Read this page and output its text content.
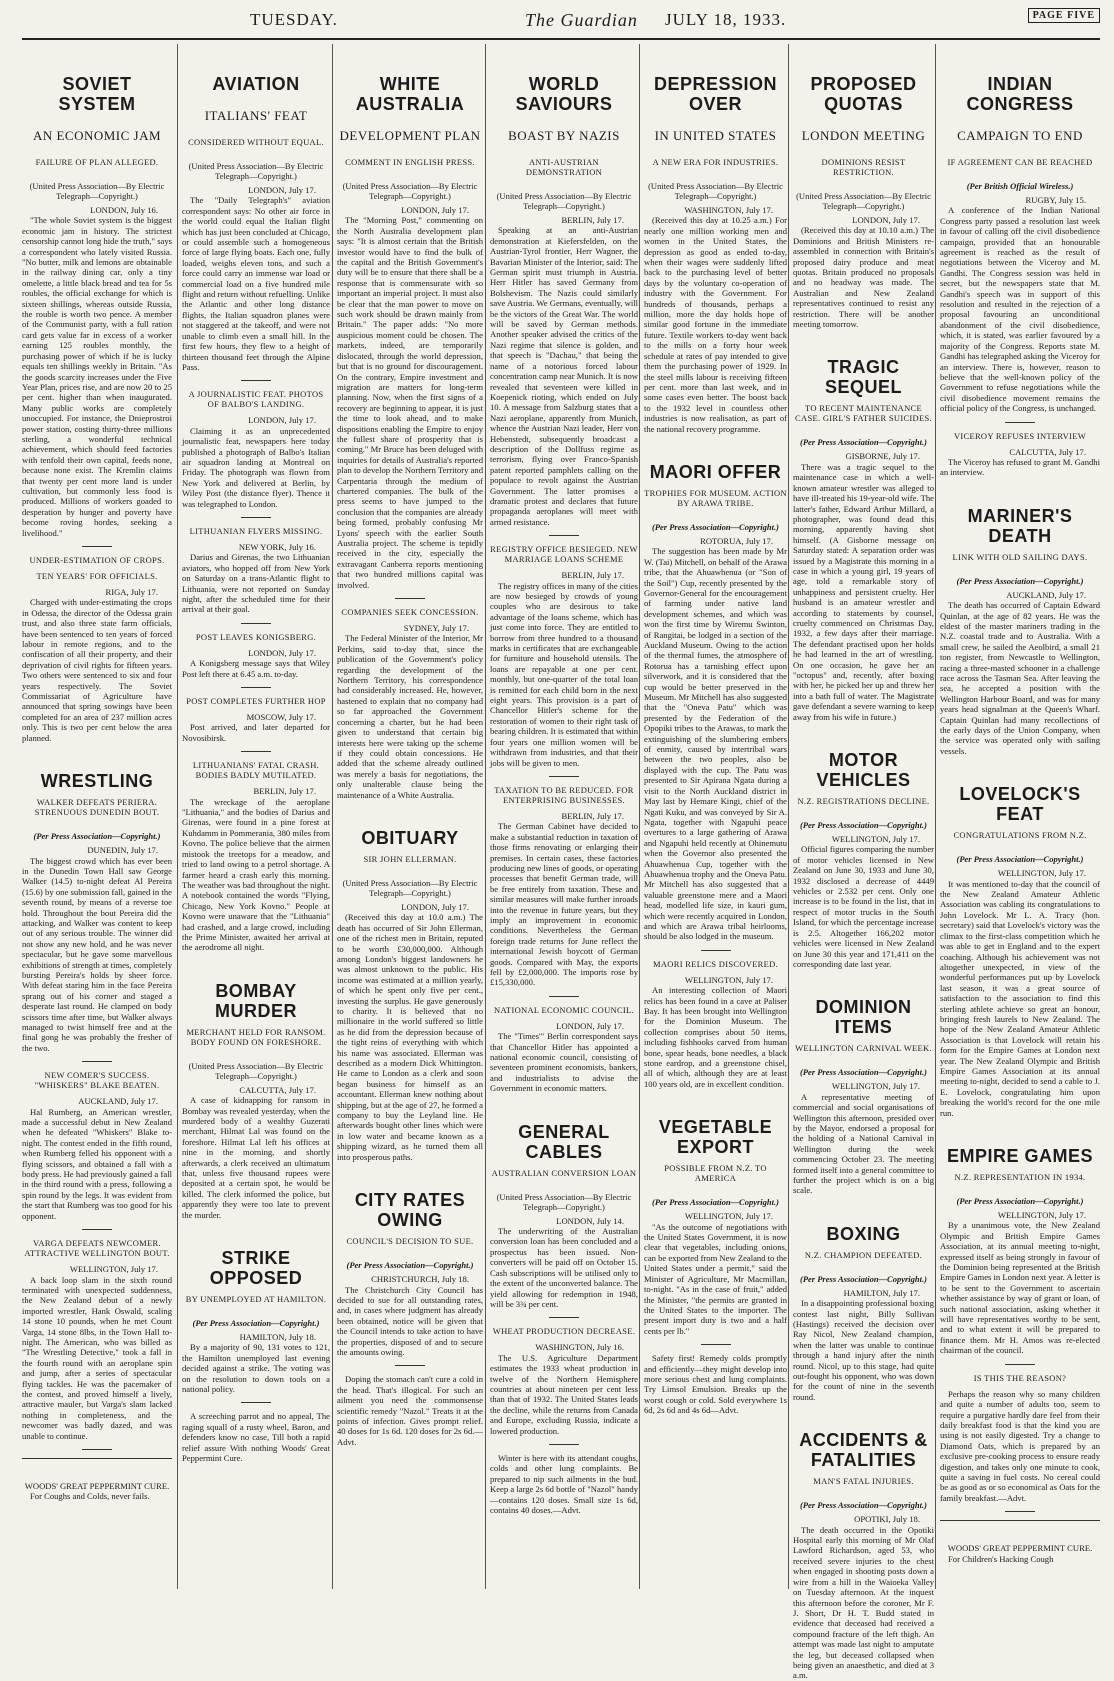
TUESDAY.	The Guardian JULY 18, 1933.	PAGE FIVE
SOVIET SYSTEM
AN ECONOMIC JAM
FAILURE OF PLAN ALLEGED.
(United Press Association—By Electric Telegraph—Copyright.)
LONDON, July 16.

"The whole Soviet system is the biggest economic jam in history. The strictest censorship cannot long hide the truth," says a correspondent who lately visited Russia. "No butter, milk and lemons are obtainable in the railway dining car, only a tiny omelette, a little black bread and tea for 5s roubles, the official exchange for which is sixteen shillings, whereas outside Russia, the rouble is worth two pence. A member of the Communist party, with a full ration card gets value far in excess of a worker earning 125 roubles monthly, the purchasing power of which if he is lucky equals ten shillings weekly in Britain. "As the goods scarcity increases under the Five Year Plan, prices rise, and are now 20 to 25 per cent. higher than when inaugurated. Many public works are completely unoccupied. For instance, the Dnieprostroi power station, costing thirty-three millions sterling, a wonderful technical achievement, which should feed factories with tenfold their own capital, feeds none, because none exist. The Kremlin claims that twenty per cent more land is under cultivation, but commonly less food is produced. Millions of workers goaded to desperation by hunger and poverty have become roving hordes, seeking a livelihood."

UNDER-ESTIMATION OF CROPS.
TEN YEARS' FOR OFFICIALS.
RIGA, July 17.

Charged with under-estimating the crops in Odessa, the director of the Odessa grain trust, and also three state farm officials, have been sentenced to ten years of forced labour in remote regions, and to the confiscation of all their property, and their deprivation of civil rights for fifteen years. Two others were sentenced to six and four years respectively. The Soviet Commissariat of Agriculture have announced that spring sowings have been completed for an area of 237 million acres only. This is two per cent below the area planned.

WRESTLING
WALKER DEFEATS PERIERA. STRENUOUS DUNEDIN BOUT.
(Per Press Association—Copyright.)
DUNEDIN, July 17.

The biggest crowd which has ever been in the Dunedin Town Hall saw George Walker (14.5) to-night defeat Al Pereira (15.6) by one submission fall, gained in the seventh round, by means of a reverse toe hold. Throughout the bout Pereira did the attacking, and Walker was content to keep out of any serious trouble. The winner did not show any new hold, and he was never spectacular, but he gave some marvellous exhibitions of strength at times, completely bursting Pereira's holds by sheer force. With defeat staring him in the face Pereira sprang out of his corner and staged a desperate last round. He clamped on body scissors time after time, but Walker always managed to twist himself free and at the final gong he was probably the fresher of the two.

NEW COMER'S SUCCESS. "WHISKERS" BLAKE BEATEN.
AUCKLAND, July 17.

Hal Rumberg, an American wrestler, made a successful debut in New Zealand when he defeated "Whiskers" Blake to-night. The contest ended in the fifth round, when Rumberg felled his opponent with a flying scissors, and obtained a fall with a body press. He had previously gained a fall in the third round with a press, following a spin round by the legs. It was evident from the start that Rumberg was too good for his opponent.

VARGA DEFEATS NEWCOMER. ATTRACTIVE WELLINGTON BOUT.
WELLINGTON, July 17.

A back loop slam in the sixth round terminated with unexpected suddenness, the New Zealand debut of a newly imported wrestler, Hank Oswald, scaling 14 stone 10 pounds, when he met Count Varga, 14 stone 8lbs, in the Town Hall to-night. The American, who was billed as "The Wrestling Detective," took a fall in the fourth round with an aeroplane spin and jump, after a series of spectacular flying tackles. He was the pacemaker of the contest, and proved himself a lively, attractive mauler, but Varga's slam lacked nothing in completeness, and the newcomer was badly dazed, and was unable to continue.

WOODS' GREAT PEPPERMINT CURE.

For Coughs and Colds, never fails.

AVIATION
ITALIANS' FEAT
CONSIDERED WITHOUT EQUAL.
(United Press Association—By Electric Telegraph—Copyright.)
LONDON, July 17.

The "Daily Telegraph's" aviation correspondent says: No other air force in the world could equal the Italian flight which has just been concluded at Chicago, or could assemble such a homogeneous force of large flying boats. Each one, fully loaded, weighs eleven tons, and such a force could carry an immense war load or commercial load on a five hundred mile flight and return without refuelling. Unlike the Atlantic and other long distance flights, the Italian squadron planes were not staggered at the takeoff, and were not unable to climb even a small hill. In the first few hours, they flew to a height of thirteen thousand feet through the Alpine Pass.

A JOURNALISTIC FEAT. PHOTOS OF BALBO'S LANDING.
LONDON, July 17.

Claiming it as an unprecedented journalistic feat, newspapers here today published a photograph of Balbo's Italian air squadron landing at Montreal on Friday. The photograph was flown from New York and delivered at Berlin, by Wiley Post (the distance flyer). Thence it was telegraphed to London.

LITHUANIAN FLYERS MISSING.
NEW YORK, July 16.

Darius and Girenas, the two Lithuanian aviators, who hopped off from New York on Saturday on a trans-Atlantic flight to Lithuania, were not reported on Sunday night, after the scheduled time for their arrival at their goal.

POST LEAVES KONIGSBERG.
LONDON, July 17.

A Konigsberg message says that Wiley Post left there at 6.45 a.m. to-day.

POST COMPLETES FURTHER HOP
MOSCOW, July 17.

Post arrived, and later departed for Novosibirsk.

LITHUANIANS' FATAL CRASH. BODIES BADLY MUTILATED.
BERLIN, July 17.

The wreckage of the aeroplane "Lithuania," and the bodies of Darius and Girenas, were found in a pine forest at Kuhdamm in Pommerania, 380 miles from Kovno. The police believe that the airmen mistook the treetops for a meadow, and tried to land owing to a petrol shortage. A farmer heard a crash early this morning. The weather was bad throughout the night. A notebook contained the words "Flying, Chicago, New York Kovno." People at Kovno were unaware that the "Lithuania" had crashed, and a large crowd, including the Prime Minister, awaited her arrival at the aerodrome all night.

BOMBAY MURDER
MERCHANT HELD FOR RANSOM. BODY FOUND ON FORESHORE.
(United Press Association—By Electric Telegraph—Copyright.)
CALCUTTA, July 17.

A case of kidnapping for ransom in Bombay was revealed yesterday, when the murdered body of a wealthy Guzerati merchant, Hilmat Lal was found on the foreshore. Hilmat Lal left his offices at nine in the morning, and shortly afterwards, a clerk received an ultimatum that, unless five thousand rupees were deposited at a certain spot, he would be killed. The clerk informed the police, but apparently they were too late to prevent the murder.

STRIKE OPPOSED
BY UNEMPLOYED AT HAMILTON.
(Per Press Association—Copyright.)
HAMILTON, July 18.

By a majority of 90, 131 votes to 121, the Hamilton unemployed last evening decided against a strike. The voting was on the resolution to down tools on a national policy.

A screeching parrot and no appeal, The raging squall of a rusty wheel, Baron, and defenders know no case, Till both a rapid relief assure With nothing Woods' Great Peppermint Cure.

WHITE AUSTRALIA
DEVELOPMENT PLAN
COMMENT IN ENGLISH PRESS.
(United Press Association—By Electric Telegraph—Copyright.)
LONDON, July 17.

The "Morning Post," commenting on the North Australia development plan says: "It is almost certain that the British investor would have to find the bulk of the capital and the British Government's duty will be to ensure that there shall be a response that is commensurate with so important an imperial project. It must also be clear that the man power to move on such work should be drawn mainly from Britain." The paper adds: "No more auspicious moment could be chosen. The markets, indeed, are temporarily dislocated, through the world depression, but that is no ground for discouragement. On the contrary, Empire investment and migration are matters for long-term planning. Now, when the first signs of a recovery are beginning to appear, it is just the time to look ahead, and to make dispositions enabling the Empire to enjoy the fullest share of prosperity that is coming." Mr Bruce has been deluged with inquiries for details of Australia's reported plan to develop the Northern Territory and Carpentaria through the medium of chartered companies. The bulk of the press seems to have jumped to the conclusion that the companies are already being formed, probably confusing Mr Lyons' speech with the earlier South Australia project. The scheme is tepidly received in the city, especially the extravagant Canberra reports mentioning that two hundred millions capital was involved.

COMPANIES SEEK CONCESSION.
SYDNEY, July 17.

The Federal Minister of the Interior, Mr Perkins, said to-day that, since the publication of the Government's policy regarding the development of the Northern Territory, his correspondence had considerably increased. He, however, hastened to explain that no company had so far approached the Government concerning a charter, but he had been given to understand that certain big interests here were taking up the scheme if they could obtain concessions. He added that the scheme already outlined was merely a basis for negotiations, the only unalterable clause being the maintenance of a White Australia.

OBITUARY
SIR JOHN ELLERMAN.
(United Press Association—By Electric Telegraph—Copyright.)
LONDON, July 17.

(Received this day at 10.0 a.m.) The death has occurred of Sir John Ellerman, one of the richest men in Britain, reputed to be worth £30,000,000. Although among London's biggest landowners he was almost unknown to the public. His income was estimated at a million yearly, of which he spent only five per cent., investing the surplus. He gave generously to charity. It is believed that no millionaire in the world suffered so little as he did from the depression because of the tight reins of everything with which his name was associated. Ellerman was described as a modern Dick Whittington. He came to London as a clerk and soon began business for himself as an accountant. Ellerman knew nothing about shipping, but at the age of 27, he formed a company to buy the Leyland line. He afterwards bought other lines which were in low water and became known as a shipping wizard, as he turned them all into prosperous paths.

CITY RATES OWING
COUNCIL'S DECISION TO SUE.
(Per Press Association—Copyright.)
CHRISTCHURCH, July 18.

The Christchurch City Council has decided to sue for all outstanding rates, and, in cases where judgment has already been obtained, notice will be given that the Council intends to take action to have the properties, disposed of and to secure the amounts owing.

Doping the stomach can't cure a cold in the head. That's illogical. For such an ailment you need the commonsense scientific remedy "Nazol." Treats it at the points of infection. Gives prompt relief. 40 doses for 1s 6d. 120 doses for 2s 6d.—Advt.

WORLD SAVIOURS
BOAST BY NAZIS
ANTI-AUSTRIAN DEMONSTRATION
(United Press Association—By Electric Telegraph—Copyright.)
BERLIN, July 17.

Speaking at an anti-Austrian demonstration at Kiefersfelden, on the Austrian-Tyrol frontier, Herr Wagner, the Bavarian Minister of the Interior, said: The German spirit must triumph in Austria. Herr Hitler has saved Germany from Bolshevism. The Nazis could similarly save Austria. We Germans, eventually, will be the victors of the Great War. The world will be saved by German methods. Another speaker advised the critics of the Nazi regime that silence is golden, and that speech is "Dachau," that being the name of a notorious forced labour concentration camp near Munich. It is now revealed that seventeen were killed in Koepenick rioting, which ended on July 10. A message from Salzburg states that a Nazi aeroplane, apparently from Munich, whence the Austrian Nazi leader, Herr von Hebenstedt, subsequently broadcast a description of the Dollfuss regime as terrorism, flying over Franco-Spanish patent reported pamphlets calling on the populace to revolt against the Austrian Government. The latter promises a dramatic protest and declares that future propaganda aeroplanes will meet with armed resistance.

REGISTRY OFFICE BESIEGED. NEW MARRIAGE LOANS SCHEME
BERLIN, July 17.

The registry offices in many of the cities are now besieged by crowds of young couples who are desirous to take advantage of the loans scheme, which has just come into force. They are entitled to borrow from three hundred to a thousand marks in certificates that are exchangeable for furniture and household utensils. The loans are repayable at one per cent. monthly, but one-quarter of the total loan is remitted for each child born in the next eight years. This provision is a part of Chancellor Hitler's scheme for the restoration of women to their right task of bearing children. It is estimated that within four years one million women will be withdrawn from industries, and that their jobs will be given to men.

TAXATION TO BE REDUCED. FOR ENTERPRISING BUSINESSES.
BERLIN, July 17.

The German Cabinet have decided to make a substantial reduction in taxation of those firms renovating or enlarging their premises. In certain cases, these factories producing new lines of goods, or operating processes that benefit German trade, will be free entirely from taxation. These and similar measures will make further inroads into the revenue in future years, but they imply an improvement in economic conditions. Nevertheless the German foreign trade returns for June reflect the international Jewish boycott of German goods. Compared with May, the exports fell by £2,000,000. The imports rose by £15,330,000.

NATIONAL ECONOMIC COUNCIL.
LONDON, July 17.

The "Times'" Berlin correspondent says that Chancellor Hitler has appointed a national economic council, consisting of seventeen prominent economists, bankers, and industrialists to advise the Government in economic matters.

GENERAL CABLES
AUSTRALIAN CONVERSION LOAN
(United Press Association—By Electric Telegraph—Copyright.)
LONDON, July 14.

The underwriting of the Australian conversion loan has been concluded and a prospectus has been issued. Non-converters will be paid off on October 15. Cash subscriptions will be utilised only to the extent of the unconverted balance. The yield allowing for redemption in 1948, will be 3¾ per cent.

WHEAT PRODUCTION DECREASE.
WASHINGTON, July 16.

The U.S. Agriculture Department estimates the 1933 wheat production in twelve of the Northern Hemisphere countries at about nineteen per cent less than that of 1932. The United States leads the decline, while the returns from Canada and Europe, excluding Russia, indicate a lowered production.

Winter is here with its attendant coughs, colds and other lung complaints. Be prepared to nip such ailments in the bud. Keep a large 2s 6d bottle of "Nazol" handy—contains 120 doses. Small size 1s 6d, contains 40 doses.—Advt.

DEPRESSION OVER
IN UNITED STATES
A NEW ERA FOR INDUSTRIES.
(United Press Association—By Electric Telegraph—Copyright.)
WASHINGTON, July 17.

(Received this day at 10.25 a.m.) For nearly one million working men and women in the United States, the depression as good as ended to-day, when their wages were suddenly lifted back to the purchasing level of better days by the voluntary co-operation of industry with the Government. For hundreds of thousands, perhaps a million, more the day holds hope of similar good fortune in the immediate future. Textile workers to-day went back to the mills on a forty hour week schedule at rates of pay intended to give them the purchasing power of 1929. In the steel mills labour is receiving fifteen per cent. more than last week, and in some cases even better. The boost back to the 1932 level in countless other industries is now realisation, as part of the national recovery programme.

MAORI OFFER
TROPHIES FOR MUSEUM. ACTION BY ARAWA TRIBE.
(Per Press Association—Copyright.)
ROTORUA, July 17.

The suggestion has been made by Mr W. (Tai) Mitchell, on behalf of the Arawa tribe, that the Ahuawhenua (or "Son of the Soil") Cup, recently presented by the Governor-General for the encouragement of farming under native land development schemes, and which was won the first time by Wiremu Swinton, of Rangitai, be lodged in a section of the Auckland Museum. Owing to the action of the thermal fumes, the atmosphere of Rotorua has a tarnishing effect upon silverwork, and it is considered that the cup would be better preserved in the Museum. Mr Mitchell has also suggested that the "Oneva Patu" which was presented by the Federation of the Opopiki tribes to the Arawas, to mark the extinguishing of the slumbering embers of enmity, caused by intertribal wars between the two peoples, also be displayed with the cup. The Patu was presented to Sir Apirana Ngata during a visit to the North Auckland district in May last by Hemare Kingi, chief of the Ngati Kuku, and was conveyed by Sir A. Ngata, together with Ngapuhi peace overtures to a large gathering of Arawa and Ngapuhi held recently at Ohinemutu when the Governor also presented the Ahuawhenua Cup, together with the Ahuawhenua trophy and the Oneva Patu. Mr Mitchell has also suggested that a valuable greenstone mere and a Maori head, modelled life size, in kauri gum, which were recently acquired in London, and which are Arawa tribal heirlooms, should be also lodged in the museum.

MAORI RELICS DISCOVERED.
WELLINGTON, July 17.

An interesting collection of Maori relics has been found in a cave at Paliser Bay. It has been brought into Wellington for the Dominion Museum. The collection comprises about 50 items, including fishhooks carved from human bone, spear heads, bone needles, a black stone eardrop, and a greenstone chisel, all of which, although they are at least 100 years old, are in excellent condition.

VEGETABLE EXPORT
POSSIBLE FROM N.Z. TO AMERICA
(Per Press Association—Copyright.)
WELLINGTON, July 17.

"As the outcome of negotiations with the United States Government, it is now clear that vegetables, including onions, can be exported from New Zealand to the United States under a permit," said the Minister of Agriculture, Mr Macmillan, to-night. "As in the case of fruit," added the Minister, "the permits are granted in the United States to the importer. The present import duty is two and a half cents per lb."

Safety first! Remedy colds promptly and efficiently—they might develop into more serious chest and lung complaints. Try Limsol Emulsion. Breaks up the worst cough or cold. Sold everywhere 1s 6d, 2s 6d and 4s 6d—Advt.

PROPOSED QUOTAS
LONDON MEETING
DOMINIONS RESIST RESTRICTION.
(United Press Association—By Electric Telegraph—Copyright.)
LONDON, July 17.

(Received this day at 10.10 a.m.) The Dominions and British Ministers re-assembled in connection with Britain's proposed dairy produce and meat quotas. Britain produced no proposals and no headway was made. The Australian and New Zealand representatives continued to resist any restriction. There will be another meeting tomorrow.

TRAGIC SEQUEL
TO RECENT MAINTENANCE CASE. GIRL'S FATHER SUICIDES.
(Per Press Association—Copyright.)
GISBORNE, July 17.

There was a tragic sequel to the maintenance case in which a well-known amateur wrestler was alleged to have ill-treated his 19-year-old wife. The latter's father, Edward Arthur Millard, a photographer, was found dead this morning, apparently having shot himself. (A Gisborne message on Saturday stated: A separation order was issued by a Magistrate this morning in a case in which a young girl, 19 years of age, told a remarkable story of unhappiness and persistent cruelty. Her husband is an amateur wrestler and according to statements by counsel, cruelty commenced on Christmas Day, 1932, a few days after their marriage. The defendant practised upon her holds he had learned in the art of wrestling. On one occasion, he gave her an "octopus" and, recently, after boxing with her, he picked her up and threw her into a bath full of water. The Magistrate gave defendant a severe warning to keep away from his wife in future.)

MOTOR VEHICLES
N.Z. REGISTRATIONS DECLINE.
(Per Press Association—Copyright.)
WELLINGTON, July 17.

Official figures comparing the number of motor vehicles licensed in New Zealand on June 30, 1933 and June 30, 1932 disclosed a decrease of 4449 vehicles or 2.532 per cent. Only one increase is to be found in the list, that in respect of motor trucks in the South Island, for which the percentage increase is 2.5. Altogether 166,202 motor vehicles were licensed in New Zealand on June 30 this year and 171,411 on the corresponding date last year.

DOMINION ITEMS
WELLINGTON CARNIVAL WEEK.
(Per Press Association—Copyright.)
WELLINGTON, July 17.

A representative meeting of commercial and social organisations of Wellington this afternoon, presided over by the Mayor, endorsed a proposal for the holding of a National Carnival in Wellington during the week commencing October 23. The meeting formed itself into a general committee to further the project which is on a big scale.

BOXING
N.Z. CHAMPION DEFEATED.
(Per Press Association—Copyright.)
HAMILTON, July 17.

In a disappointing professional boxing contest last night, Billy Sullivan (Hastings) received the decision over Ray Nicol, New Zealand champion, when the latter was unable to continue through a hand injury after the ninth round. Nicol, up to this stage, had quite out-fought his opponent, who was down for the count of nine in the seventh round.

ACCIDENTS & FATALITIES
MAN'S FATAL INJURIES.
(Per Press Association—Copyright.)
OPOTIKI, July 18.

The death occurred in the Opotiki Hospital early this morning of Mr Olaf Lawford Richardson, aged 53, who received severe injuries to the chest when engaged in shooting posts down a wire from a hill in the Waioeka Valley on Tuesday afternoon. At the inquest this afternoon before the coroner, Mr F. J. Short, Dr H. T. Budd stated in evidence that deceased had received a compound fracture of the left thigh. An attempt was made last night to amputate the leg, but deceased collapsed when being given an anaesthetic, and died at 3 a.m.

INDIAN CONGRESS
CAMPAIGN TO END
IF AGREEMENT CAN BE REACHED
(Per British Official Wireless.)
RUGBY, July 15.

A conference of the Indian National Congress party passed a resolution last week in favour of calling off the civil disobedience campaign, provided that an honourable agreement is reached as the result of negotiations between the Viceroy and M. Gandhi. The Congress session was held in secret, but the newspapers state that M. Gandhi's speech was in support of this resolution and resulted in the rejection of a proposal favouring an unconditional abandonment of the civil disobedience, which, it is stated, was earlier favoured by a majority of the Congress. Reports state M. Gandhi has telegraphed asking the Viceroy for an interview. There is, however, reason to believe that the well-known policy of the Government to refuse negotiations while the civil disobedience movement remains the official policy of the Congress, is unchanged.

VICEROY REFUSES INTERVIEW
CALCUTTA, July 17.

The Viceroy has refused to grant M. Gandhi an interview.

MARINER'S DEATH
LINK WITH OLD SAILING DAYS.
(Per Press Association—Copyright.)
AUCKLAND, July 17.

The death has occurred of Captain Edward Quinlan, at the age of 82 years. He was the eldest of the master mariners trading in the N.Z. coastal trade and to Australia. With a small crew, he sailed the Aeolbird, a small 21 ton register, from Newcastle to Wellington, racing a three-masted schooner in a challenge race across the Tasman Sea. After leaving the sea, he accepted a position with the Wellington Harbour Board, and was for many years head signalman at the Queen's Wharf. Captain Quinlan had many recollections of the early days of the Union Company, when the service was operated only with sailing vessels.

LOVELOCK'S FEAT
CONGRATULATIONS FROM N.Z.
(Per Press Association—Copyright.)
WELLINGTON, July 17.

It was mentioned to-day that the council of the New Zealand Amateur Athletic Association was cabling its congratulations to John Lovelock. Mr L. A. Tracy (hon. secretary) said that Lovelock's victory was the climax to the first-class competition which he was able to get in England and to the expert coaching. Although his achievement was not altogether unexpected, in view of the wonderful performances put up by Lovelock last season, it was a great source of satisfaction to the association to find this sterling athlete achieve so great an honour, bringing fresh laurels to New Zealand. The hope of the New Zealand Amateur Athletic Association is that Lovelock will retain his form for the Empire Games at London next year. The New Zealand Olympic and British Empire Games Association at its annual meeting to-night, decided to send a cable to J. E. Lovelock, congratulating him upon breaking the world's record for the one mile run.

EMPIRE GAMES
N.Z. REPRESENTATION IN 1934.
(Per Press Association—Copyright.)
WELLINGTON, July 17.

By a unanimous vote, the New Zealand Olympic and British Empire Games Association, at its annual meeting to-night, expressed itself as being strongly in favour of the Dominion being represented at the British Empire Games in London next year. A letter is to be sent to the Government to ascertain whether assistance by way of grant or loan, of such national association, asking whether it will have representatives worthy to be sent, and to what extent it will be prepared to finance them. Mr H. Amos was re-elected chairman of the council.

IS THIS THE REASON?

Perhaps the reason why so many children and quite a number of adults too, seem to require a purgative hardly dare feel from their daily breakfast food is that the kind you are using is not easily digested. Try a change to Diamond Oats, which is prepared by an exclusive pre-cooking process to ensure ready digestion, and takes only one minute to cook, quite a saving in fuel costs. No cereal could be as good as or so economical as Oats for the family breakfast.—Advt.

WOODS' GREAT PEPPERMINT CURE.

For Children's Hacking Cough
